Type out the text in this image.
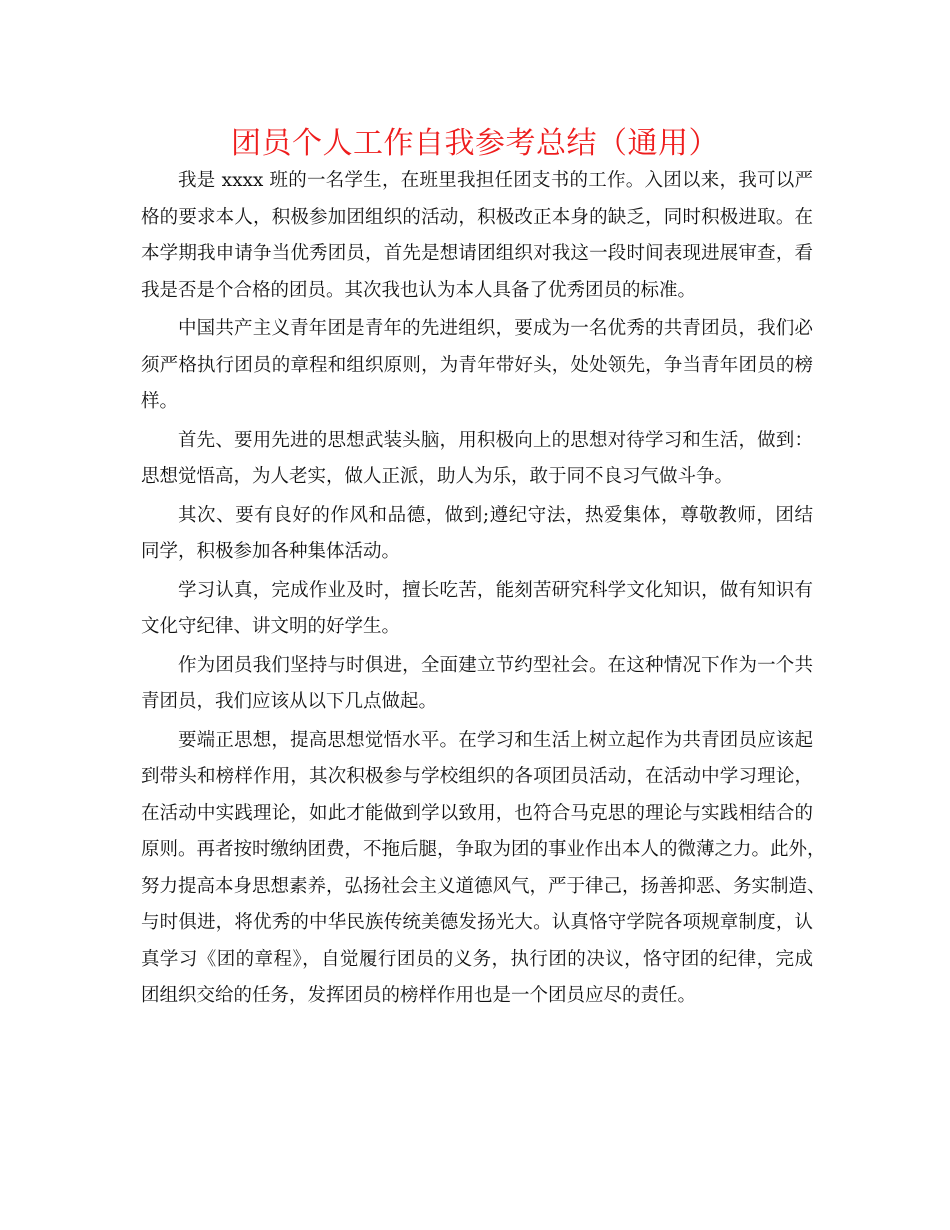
团员个人工作自我参考总结（通用）
我是 xxxx 班的一名学生，在班里我担任团支书的工作。入团以来，我可以严
格的要求本人，积极参加团组织的活动，积极改正本身的缺乏，同时积极进取。在
本学期我申请争当优秀团员，首先是想请团组织对我这一段时间表现进展审查，看
我是否是个合格的团员。其次我也认为本人具备了优秀团员的标准。
中国共产主义青年团是青年的先进组织，要成为一名优秀的共青团员，我们必
须严格执行团员的章程和组织原则，为青年带好头，处处领先，争当青年团员的榜
样。
首先、要用先进的思想武装头脑，用积极向上的思想对待学习和生活，做到：
思想觉悟高，为人老实，做人正派，助人为乐，敢于同不良习气做斗争。
其次、要有良好的作风和品德，做到;遵纪守法，热爱集体，尊敬教师，团结
同学，积极参加各种集体活动。
学习认真，完成作业及时，擅长吃苦，能刻苦研究科学文化知识，做有知识有
文化守纪律、讲文明的好学生。
作为团员我们坚持与时俱进，全面建立节约型社会。在这种情况下作为一个共
青团员，我们应该从以下几点做起。
要端正思想，提高思想觉悟水平。在学习和生活上树立起作为共青团员应该起
到带头和榜样作用，其次积极参与学校组织的各项团员活动，在活动中学习理论，
在活动中实践理论，如此才能做到学以致用，也符合马克思的理论与实践相结合的
原则。再者按时缴纳团费，不拖后腿，争取为团的事业作出本人的微薄之力。此外，
努力提高本身思想素养，弘扬社会主义道德风气，严于律己，扬善抑恶、务实制造、
与时俱进，将优秀的中华民族传统美德发扬光大。认真恪守学院各项规章制度，认
真学习《团的章程》，自觉履行团员的义务，执行团的决议，恪守团的纪律，完成
团组织交给的任务，发挥团员的榜样作用也是一个团员应尽的责任。
